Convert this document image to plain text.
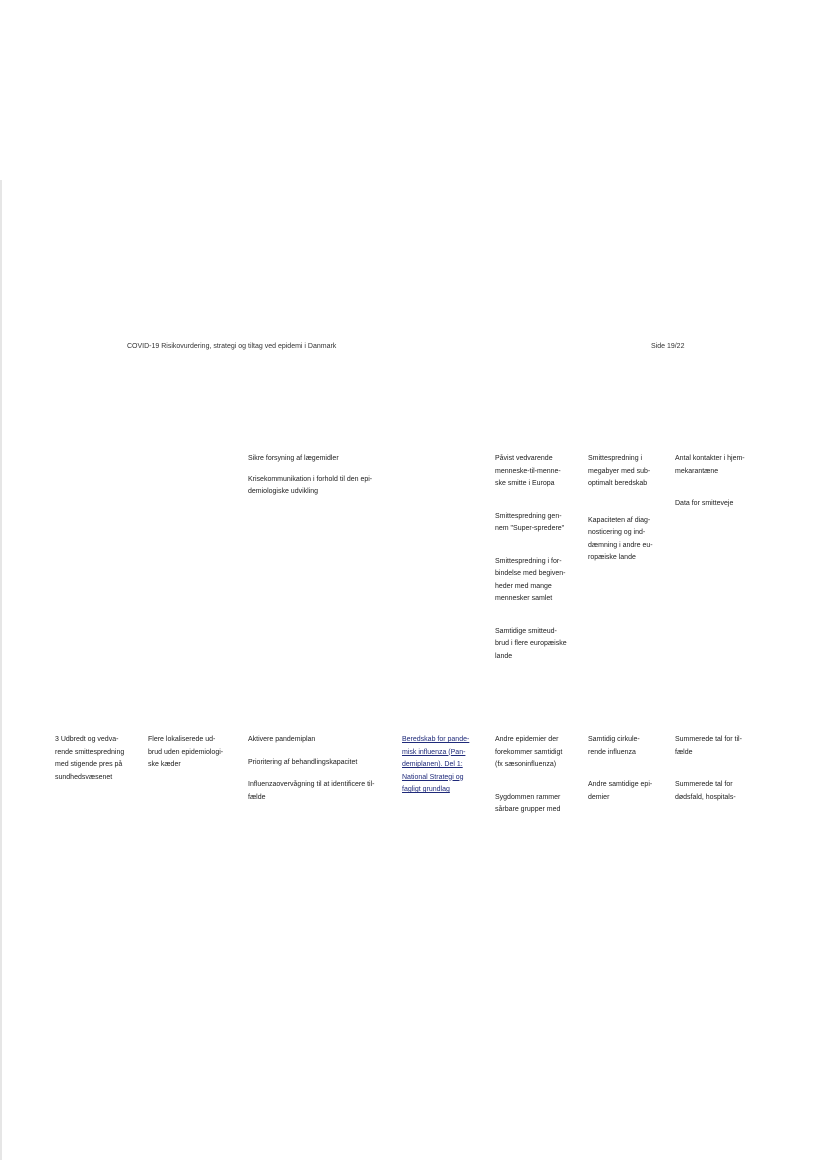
COVID-19 Risikovurdering, strategi og tiltag ved epidemi i Danmark	Side 19/22

Sikre forsyning af lægemidler

Krisekommunikation i forhold til den epi-
demiologiske udvikling

Påvist vedvarende
menneske-til-menne-
ske smitte i Europa

Smittespredning gen-
nem "Super-spredere"

Smittespredning i for-
bindelse med begiven-
heder med mange
mennesker samlet

Samtidige smitteud-
brud i flere europæiske
lande

Smittespredning i
megabyer med sub-
optimalt beredskab

Kapaciteten af diag-
nosticering og ind-
dæmning i andre eu-
ropæiske lande

Antal kontakter i hjem-
mekarantæne

Data for smitteveje

3 Udbredt og vedva-
rende smittespredning
med stigende pres på
sundhedsvæsenet

Flere lokaliserede ud-
brud uden epidemiologi-
ske kæder

Aktivere pandemiplan

Prioritering af behandlingskapacitet

Influenzaovervågning til at identificere til-
fælde

Beredskab for pande-
misk influenza (Pan-
demiplanen). Del 1:
National Strategi og
fagligt grundlag

Andre epidemier der
forekommer samtidigt
(fx sæsoninfluenza)

Sygdommen rammer
sårbare grupper med

Samtidig cirkule-
rende influenza

Andre samtidige epi-
demier

Summerede tal for til-
fælde

Summerede tal for
dødsfald, hospitals-
